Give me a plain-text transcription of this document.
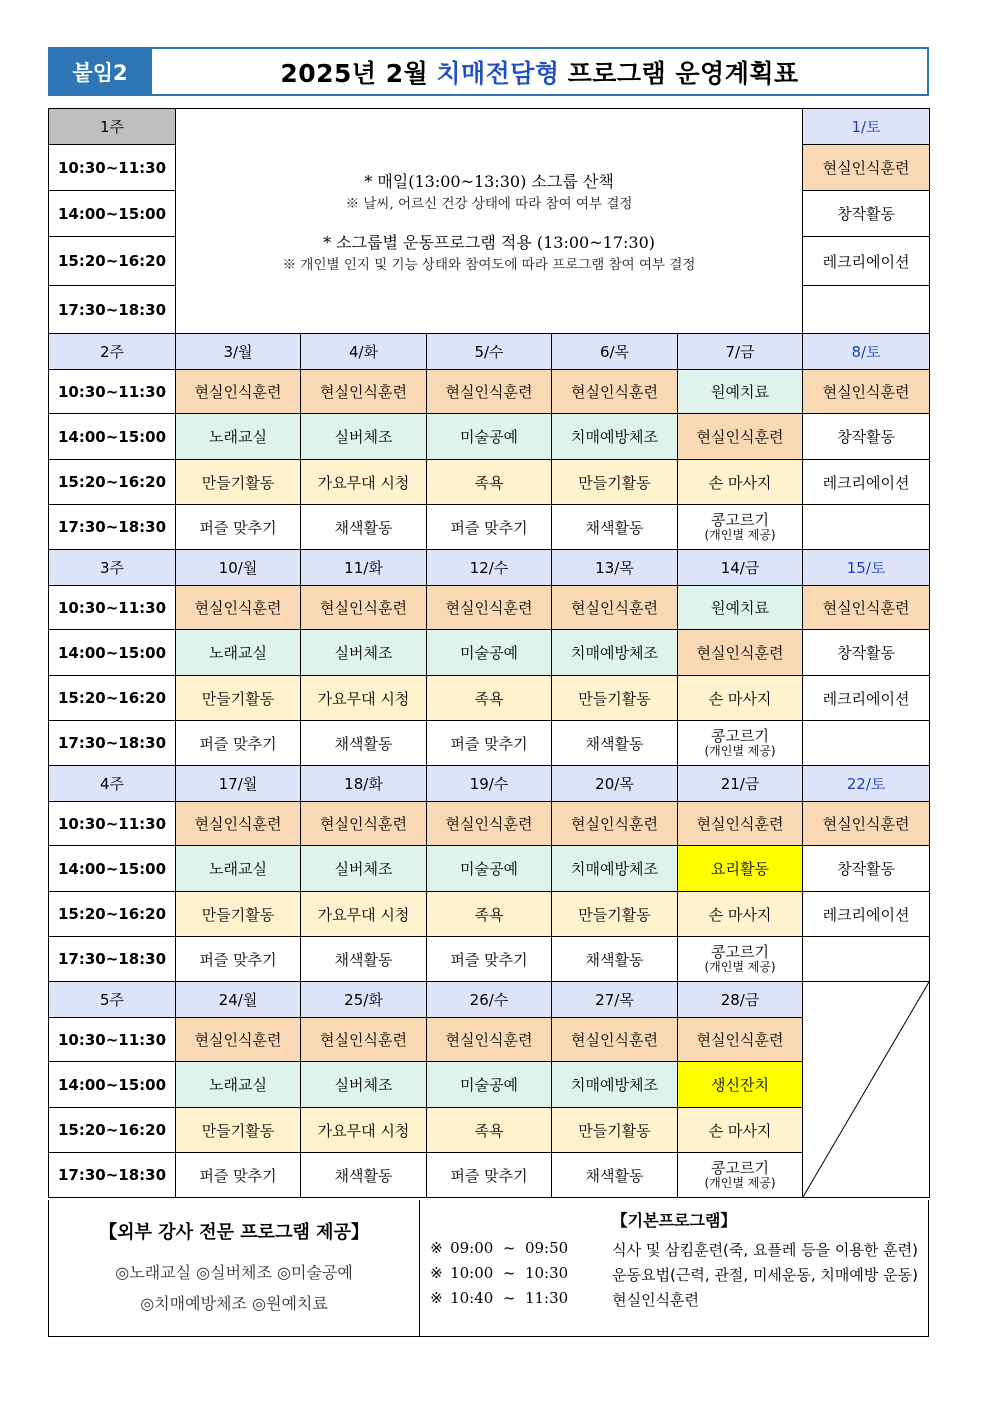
붙임2	2025년 2월 치매전담형 프로그램 운영계획표
1주	* 매일(13:00~13:30) 소그룹 산책

※ 날씨, 어르신 건강 상태에 따라 참여 여부 결정

* 소그룹별 운동프로그램 적용 (13:00~17:30)

※ 개인별 인지 및 기능 상태와 참여도에 따라 프로그램 참여 여부 결정					1/토
10:30~11:30						현실인식훈련
14:00~15:00						창작활동
15:20~16:20						레크리에이션
17:30~18:30						
2주	3/월	4/화	5/수	6/목	7/금	8/토
10:30~11:30	현실인식훈련	현실인식훈련	현실인식훈련	현실인식훈련	원예치료	현실인식훈련
14:00~15:00	노래교실	실버체조	미술공예	치매예방체조	현실인식훈련	창작활동
15:20~16:20	만들기활동	가요무대 시청	족욕	만들기활동	손 마사지	레크리에이션
17:30~18:30	퍼즐 맞추기	채색활동	퍼즐 맞추기	채색활동	콩고르기
(개인별 제공)	

3주	10/월	11/화	12/수	13/목	14/금	15/토
10:30~11:30	현실인식훈련	현실인식훈련	현실인식훈련	현실인식훈련	원예치료	현실인식훈련
14:00~15:00	노래교실	실버체조	미술공예	치매예방체조	현실인식훈련	창작활동
15:20~16:20	만들기활동	가요무대 시청	족욕	만들기활동	손 마사지	레크리에이션
17:30~18:30	퍼즐 맞추기	채색활동	퍼즐 맞추기	채색활동	콩고르기
(개인별 제공)	

4주	17/월	18/화	19/수	20/목	21/금	22/토
10:30~11:30	현실인식훈련	현실인식훈련	현실인식훈련	현실인식훈련	현실인식훈련	현실인식훈련
14:00~15:00	노래교실	실버체조	미술공예	치매예방체조	요리활동	창작활동
15:20~16:20	만들기활동	가요무대 시청	족욕	만들기활동	손 마사지	레크리에이션
17:30~18:30	퍼즐 맞추기	채색활동	퍼즐 맞추기	채색활동	콩고르기
(개인별 제공)	

5주	24/월	25/화	26/수	27/목	28/금	

10:30~11:30	현실인식훈련	현실인식훈련	현실인식훈련	현실인식훈련	현실인식훈련	
14:00~15:00	노래교실	실버체조	미술공예	치매예방체조	생신잔치	
15:20~16:20	만들기활동	가요무대 시청	족욕	만들기활동	손 마사지	
17:30~18:30	퍼즐 맞추기	채색활동	퍼즐 맞추기	채색활동	콩고르기
(개인별 제공)	
【외부 강사 전문 프로그램 제공】
◎노래교실 ◎실버체조 ◎미술공예
◎치매예방체조 ◎원예치료
【기본프로그램】
※ 09:00  ~  09:50	식사 및 삼킴훈련(죽, 요플레 등을 이용한 훈련)
※ 10:00  ~  10:30	운동요법(근력, 관절, 미세운동, 치매예방 운동)
※ 10:40  ~  11:30	현실인식훈련
